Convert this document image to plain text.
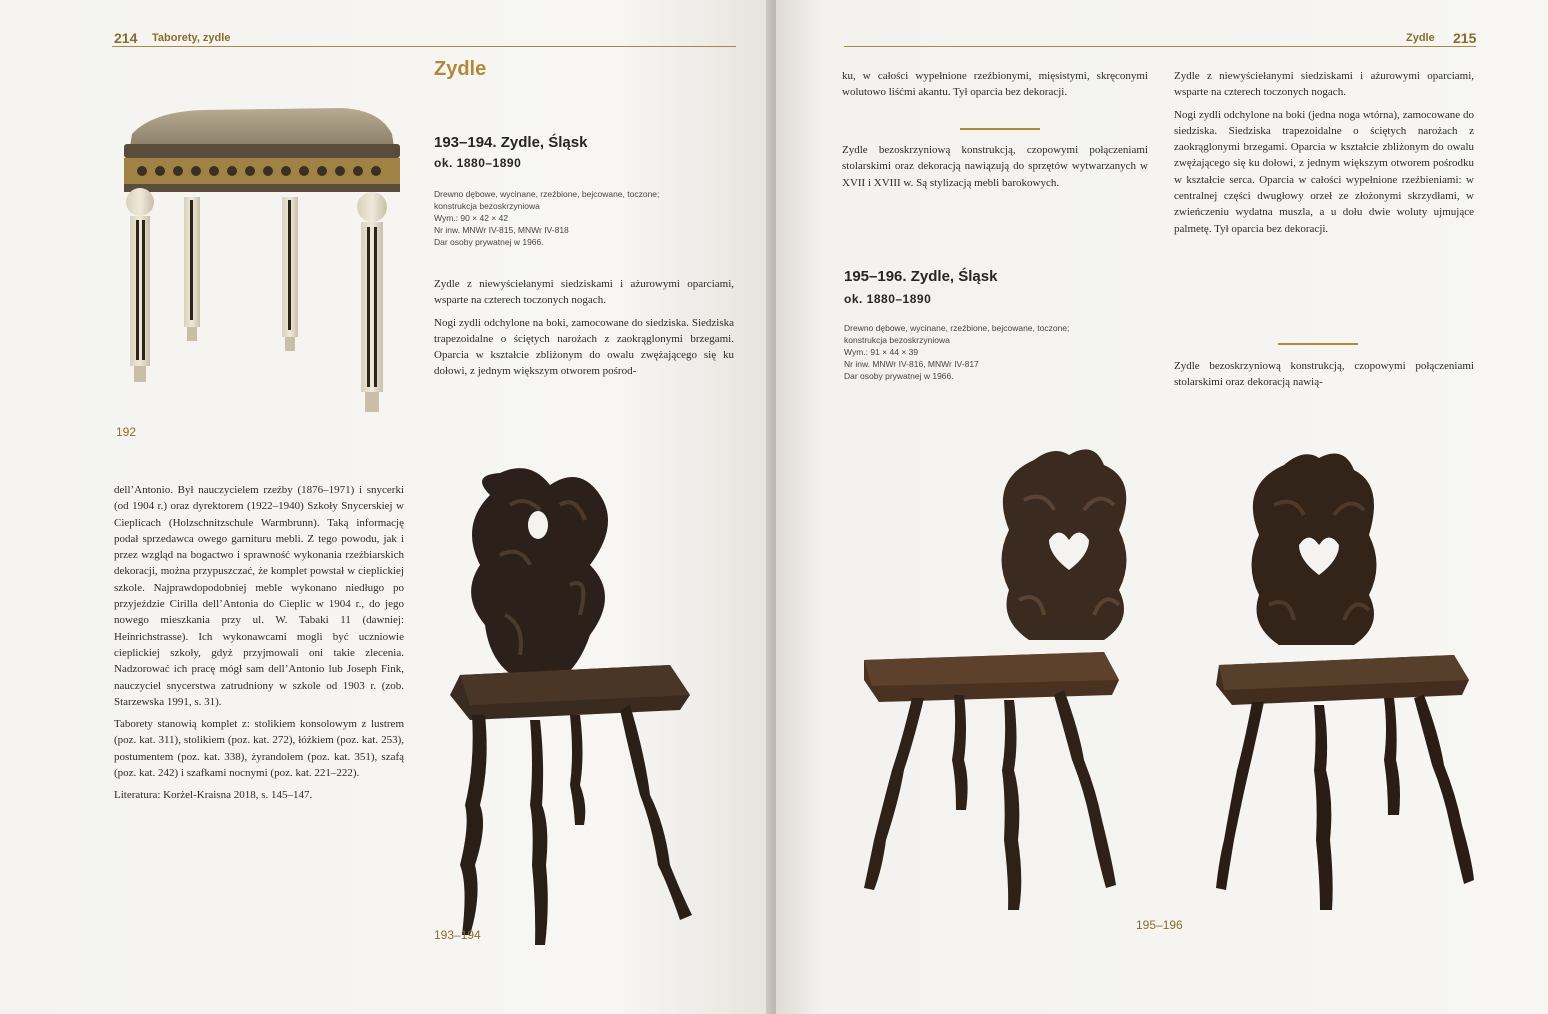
214 Taborety, zydle
192
Zydle
193–194. Zydle, Śląsk
ok. 1880–1890
Drewno dębowe, wycinane, rzeźbione, bejcowane, toczone;
konstrukcja bezoskrzyniowa
Wym.: 90 × 42 × 42
Nr inw. MNWr IV-815, MNWr IV-818
Dar osoby prywatnej w 1966.

Zydle z niewyściełanymi siedziskami i ażurowymi oparciami, wsparte na czterech toczonych nogach.

Nogi zydli odchylone na boki, zamocowane do siedziska. Siedziska trapezoidalne o ściętych narożach z zaokrąglonymi brzegami. Oparcia w kształcie zbliżonym do owalu zwężającego się ku dołowi, z jednym większym otworem pośrod-

dell’Antonio. Był nauczycielem rzeźby (1876–1971) i snycerki (od 1904 r.) oraz dyrektorem (1922–1940) Szkoły Snycerskiej w Cieplicach (Holzschnitzschule Warmbrunn). Taką informację podał sprzedawca owego garnituru mebli. Z tego powodu, jak i przez wzgląd na bogactwo i sprawność wykonania rzeźbiarskich dekoracji, można przypuszczać, że komplet powstał w cieplickiej szkole. Najprawdopodobniej meble wykonano niedługo po przyjeździe Cirilla dell’Antonia do Cieplic w 1904 r., do jego nowego mieszkania przy ul. W. Tabaki 11 (dawniej: Heinrichstrasse). Ich wykonawcami mogli być uczniowie cieplickiej szkoły, gdyż przyjmowali oni takie zlecenia. Nadzorować ich pracę mógł sam dell’Antonio lub Joseph Fink, nauczyciel snycerstwa zatrudniony w szkole od 1903 r. (zob. Starzewska 1991, s. 31).

Taborety stanowią komplet z: stolikiem konsolowym z lustrem (poz. kat. 311), stolikiem (poz. kat. 272), łóżkiem (poz. kat. 253), postumentem (poz. kat. 338), żyrandolem (poz. kat. 351), szafą (poz. kat. 242) i szafkami nocnymi (poz. kat. 221–222).

Literatura: Korżel-Kraisna 2018, s. 145–147.

193–194
Zydle 215

ku, w całości wypełnione rzeźbionymi, mięsistymi, skręconymi wolutowo liśćmi akantu. Tył oparcia bez dekoracji.

Zydle bezoskrzyniową konstrukcją, czopowymi połączeniami stolarskimi oraz dekoracją nawiązują do sprzętów wytwarzanych w XVII i XVIII w. Są stylizacją mebli barokowych.

195–196. Zydle, Śląsk
ok. 1880–1890
Drewno dębowe, wycinane, rzeźbione, bejcowane, toczone;
konstrukcja bezoskrzyniowa
Wym.: 91 × 44 × 39
Nr inw. MNWr IV-816, MNWr IV-817
Dar osoby prywatnej w 1966.

Zydle z niewyściełanymi siedziskami i ażurowymi oparciami, wsparte na czterech toczonych nogach.

Nogi zydli odchylone na boki (jedna noga wtórna), zamocowane do siedziska. Siedziska trapezoidalne o ściętych narożach z zaokrąglonymi brzegami. Oparcia w kształcie zbliżonym do owalu zwężającego się ku dołowi, z jednym większym otworem pośrodku w kształcie serca. Oparcia w całości wypełnione rzeźbieniami: w centralnej części dwugłowy orzeł ze złożonymi skrzydłami, w zwieńczeniu wydatna muszla, a u dołu dwie woluty ujmujące palmetę. Tył oparcia bez dekoracji.

Zydle bezoskrzyniową konstrukcją, czopowymi połączeniami stolarskimi oraz dekoracją nawią-

195–196
